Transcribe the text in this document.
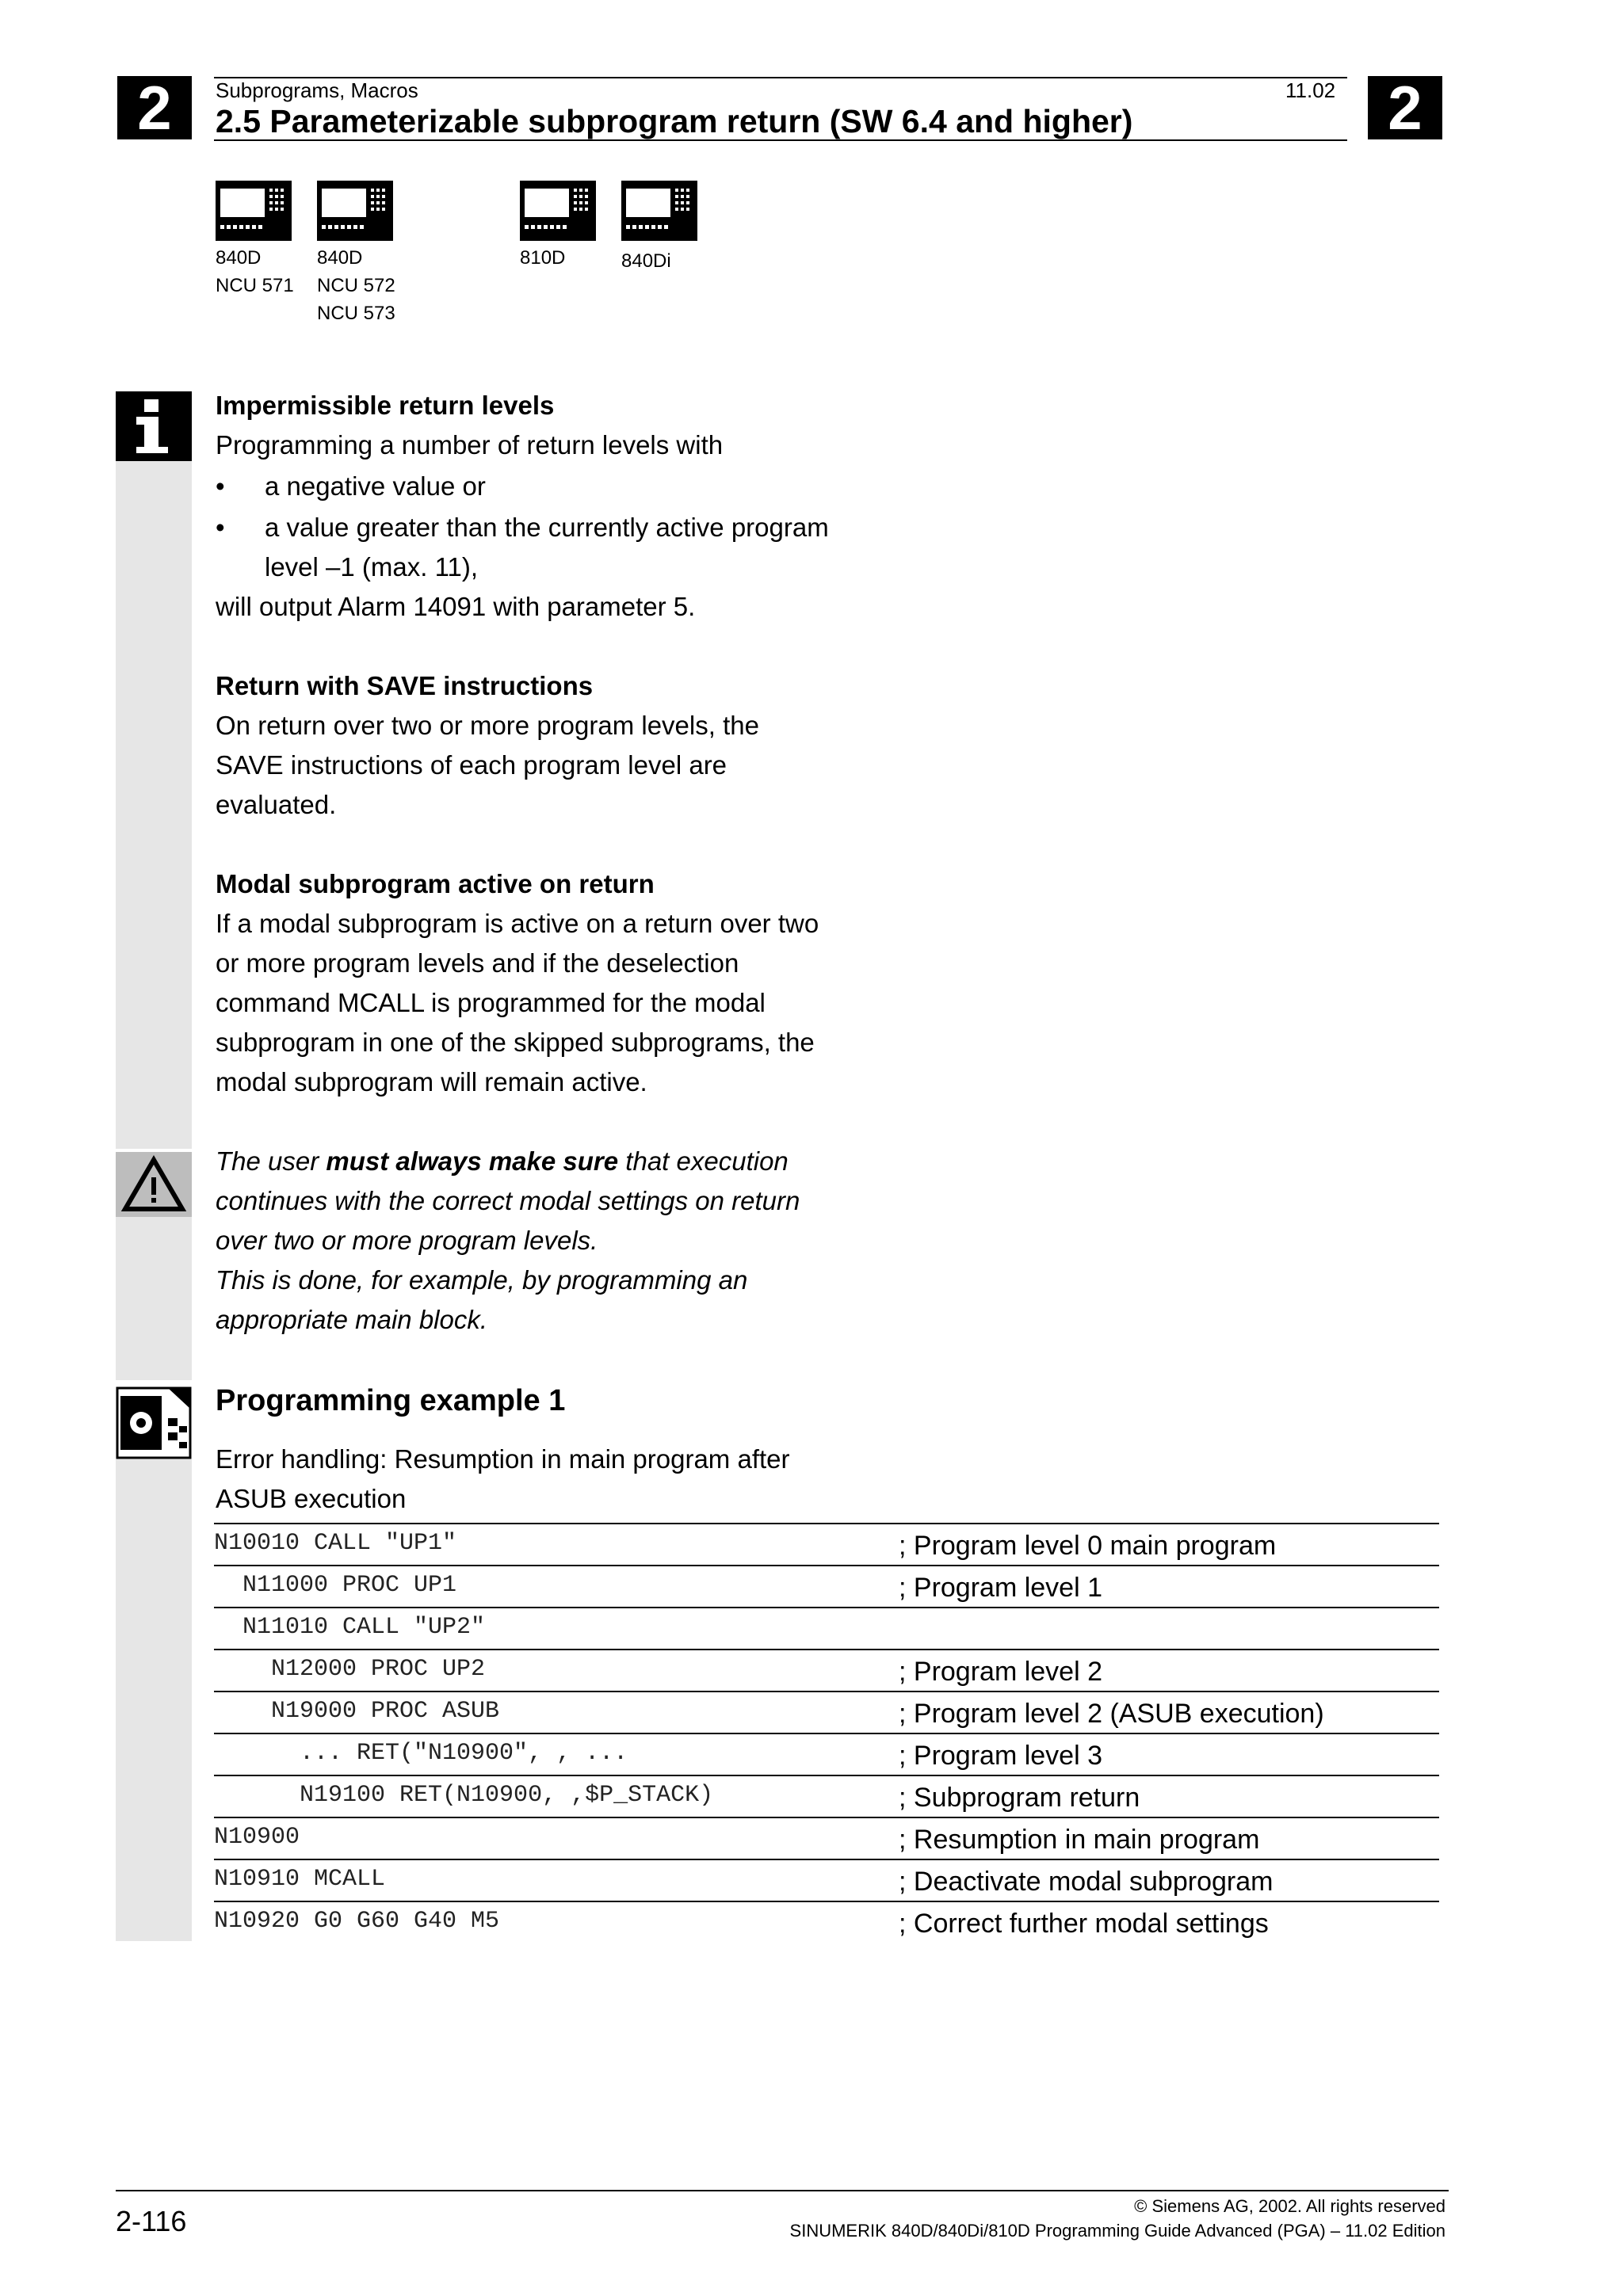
2	2
Subprograms, Macros	11.02
2.5 Parameterizable subprogram return (SW 6.4 and higher)
840D
NCU 571
840D
NCU 572
NCU 573
810D	840Di
Impermissible return levels
Programming a number of return levels with
• a negative value or
• a value greater than the currently active program
level –1 (max. 11),
will output Alarm 14091 with parameter 5.
Return with SAVE instructions
On return over two or more program levels, the
SAVE instructions of each program level are
evaluated.
Modal subprogram active on return
If a modal subprogram is active on a return over two
or more program levels and if the deselection
command MCALL is programmed for the modal
subprogram in one of the skipped subprograms, the
modal subprogram will remain active.
The user must always make sure that execution
continues with the correct modal settings on return
over two or more program levels.
This is done, for example, by programming an
appropriate main block.
Programming example 1
Error handling: Resumption in main program after
ASUB execution
N10010 CALL "UP1"	; Program level 0 main program
N11000 PROC UP1	; Program level 1
N11010 CALL "UP2"
N12000 PROC UP2	; Program level 2
N19000 PROC ASUB	; Program level 2 (ASUB execution)
... RET("N10900", , ...	; Program level 3
N19100 RET(N10900, ,$P_STACK)	; Subprogram return
N10900	; Resumption in main program
N10910 MCALL	; Deactivate modal subprogram
N10920 G0 G60 G40 M5	; Correct further modal settings
2-116	© Siemens AG, 2002. All rights reserved
SINUMERIK 840D/840Di/810D Programming Guide Advanced (PGA) – 11.02 Edition
